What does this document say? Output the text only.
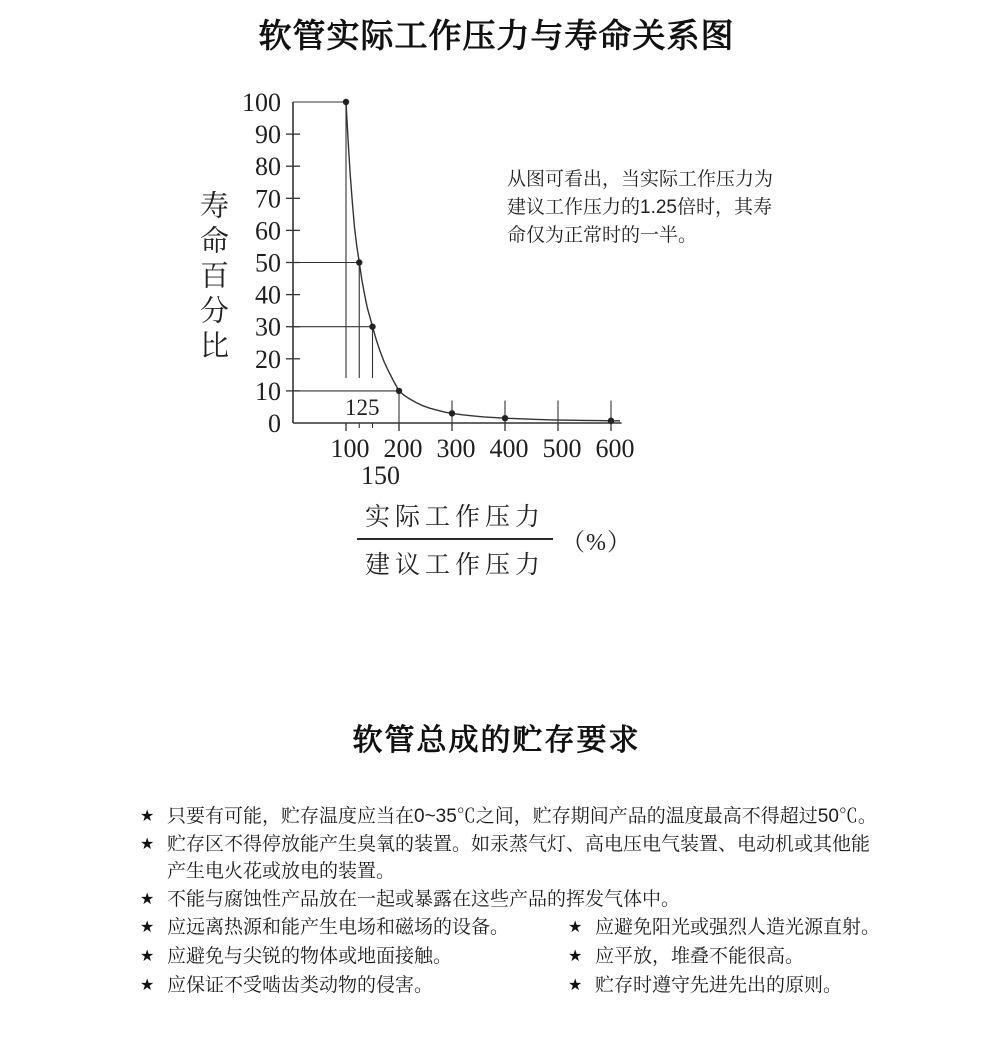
软管实际工作压力与寿命关系图
0
10
20
30
40
50
60
70
80
90
100
100 200 300 400 500 600
150
125
寿命百分比
从图可看出，当实际工作压力为
建议工作压力的1.25倍时，其寿
命仅为正常时的一半。
$\frac{\text{实际工作压力}}{\text{建议工作压力}}$ （%）
软管总成的贮存要求
★ 只要有可能，贮存温度应当在0~35℃之间，贮存期间产品的温度最高不得超过50℃。
★ 贮存区不得停放能产生臭氧的装置。如汞蒸气灯、高电压电气装置、电动机或其他能产生电火花或放电的装置。
★ 不能与腐蚀性产品放在一起或暴露在这些产品的挥发气体中。
★ 应远离热源和能产生电场和磁场的设备。
★ 应避免与尖锐的物体或地面接触。
★ 应保证不受啮齿类动物的侵害。
★ 应避免阳光或强烈人造光源直射。
★ 应平放，堆叠不能很高。
★ 贮存时遵守先进先出的原则。
